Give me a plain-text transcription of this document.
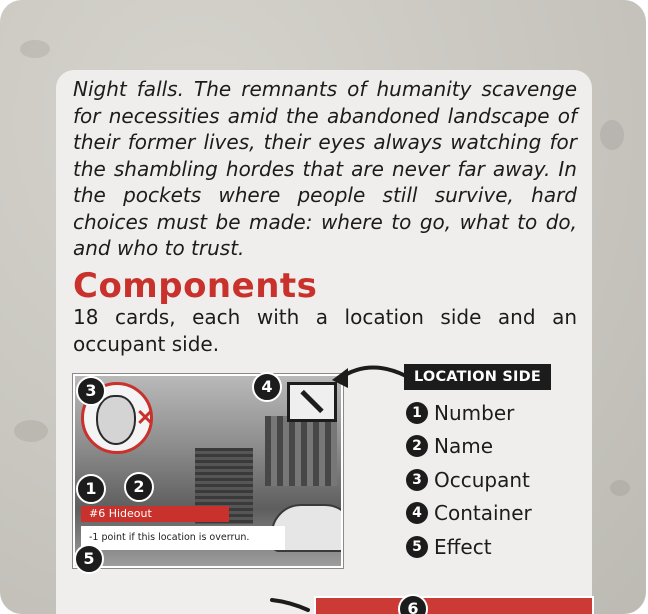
Night falls. The remnants of humanity scavenge for necessities amid the abandoned landscape of their former lives, their eyes always watching for the shambling hordes that are never far away. In the pockets where people still survive, hard choices must be made: where to go, what to do, and who to trust.

Components

18 cards, each with a location side and an occupant side.

✕
#6 Hideout
-1 point if this location is overrun.
3	4
1	2
5
LOCATION SIDE
1 Number
2 Name
3 Occupant
4 Container
5 Effect
6
